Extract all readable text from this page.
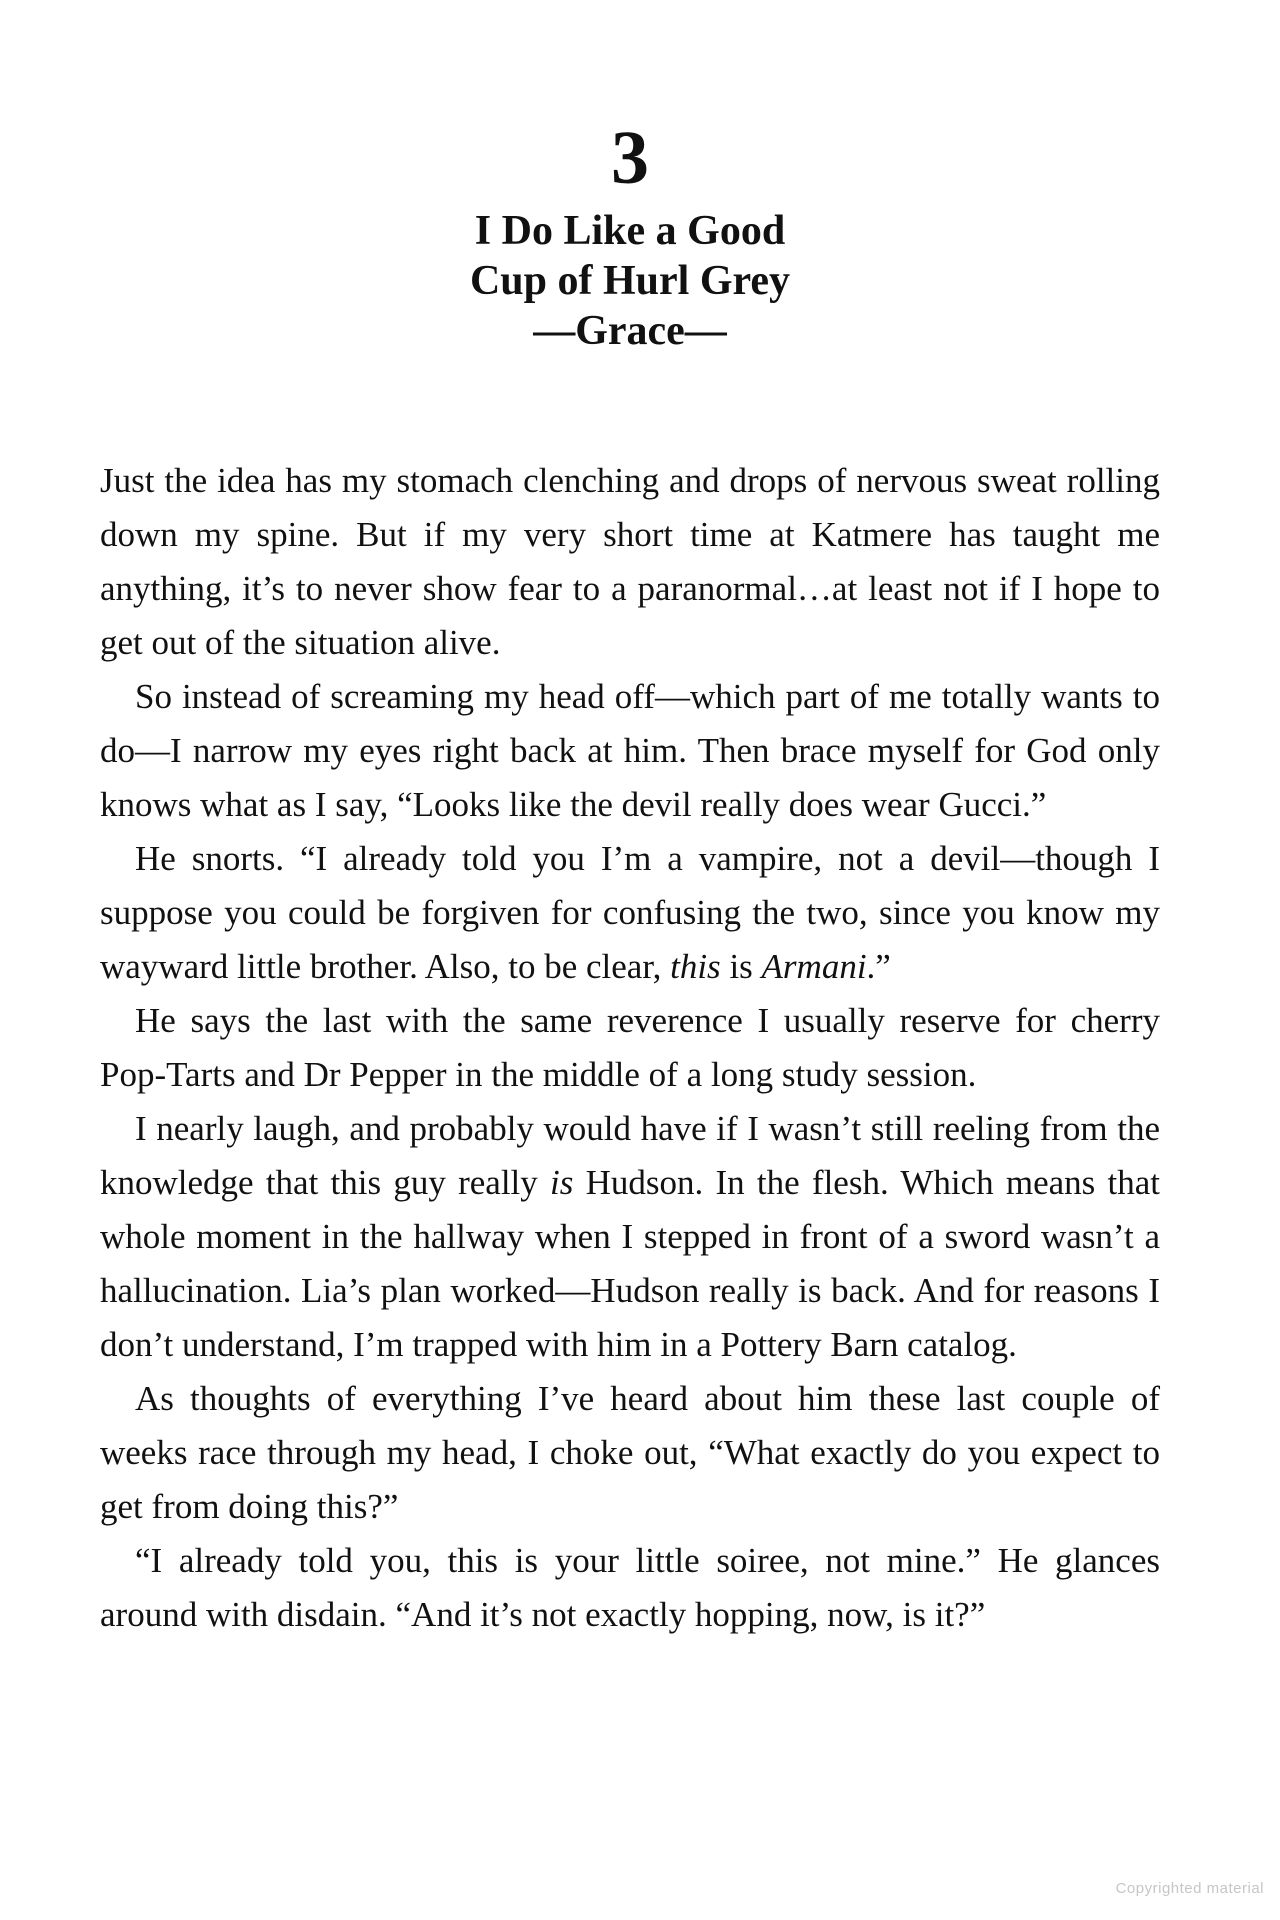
3
I Do Like a Good
Cup of Hurl Grey
—Grace—

Just the idea has my stomach clenching and drops of nervous sweat rolling down my spine. But if my very short time at Katmere has taught me anything, it’s to never show fear to a paranormal…at least not if I hope to get out of the situation alive.

So instead of screaming my head off—which part of me totally wants to do—I narrow my eyes right back at him. Then brace myself for God only knows what as I say, “Looks like the devil really does wear Gucci.”

He snorts. “I already told you I’m a vampire, not a devil—though I suppose you could be forgiven for confusing the two, since you know my wayward little brother. Also, to be clear, this is Armani.”

He says the last with the same reverence I usually reserve for cherry Pop-Tarts and Dr Pepper in the middle of a long study session.

I nearly laugh, and probably would have if I wasn’t still reeling from the knowledge that this guy really is Hudson. In the flesh. Which means that whole moment in the hallway when I stepped in front of a sword wasn’t a hallucination. Lia’s plan worked—Hudson really is back. And for reasons I don’t understand, I’m trapped with him in a Pottery Barn catalog.

As thoughts of everything I’ve heard about him these last couple of weeks race through my head, I choke out, “What exactly do you expect to get from doing this?”

“I already told you, this is your little soiree, not mine.” He glances around with disdain. “And it’s not exactly hopping, now, is it?”

Copyrighted material
